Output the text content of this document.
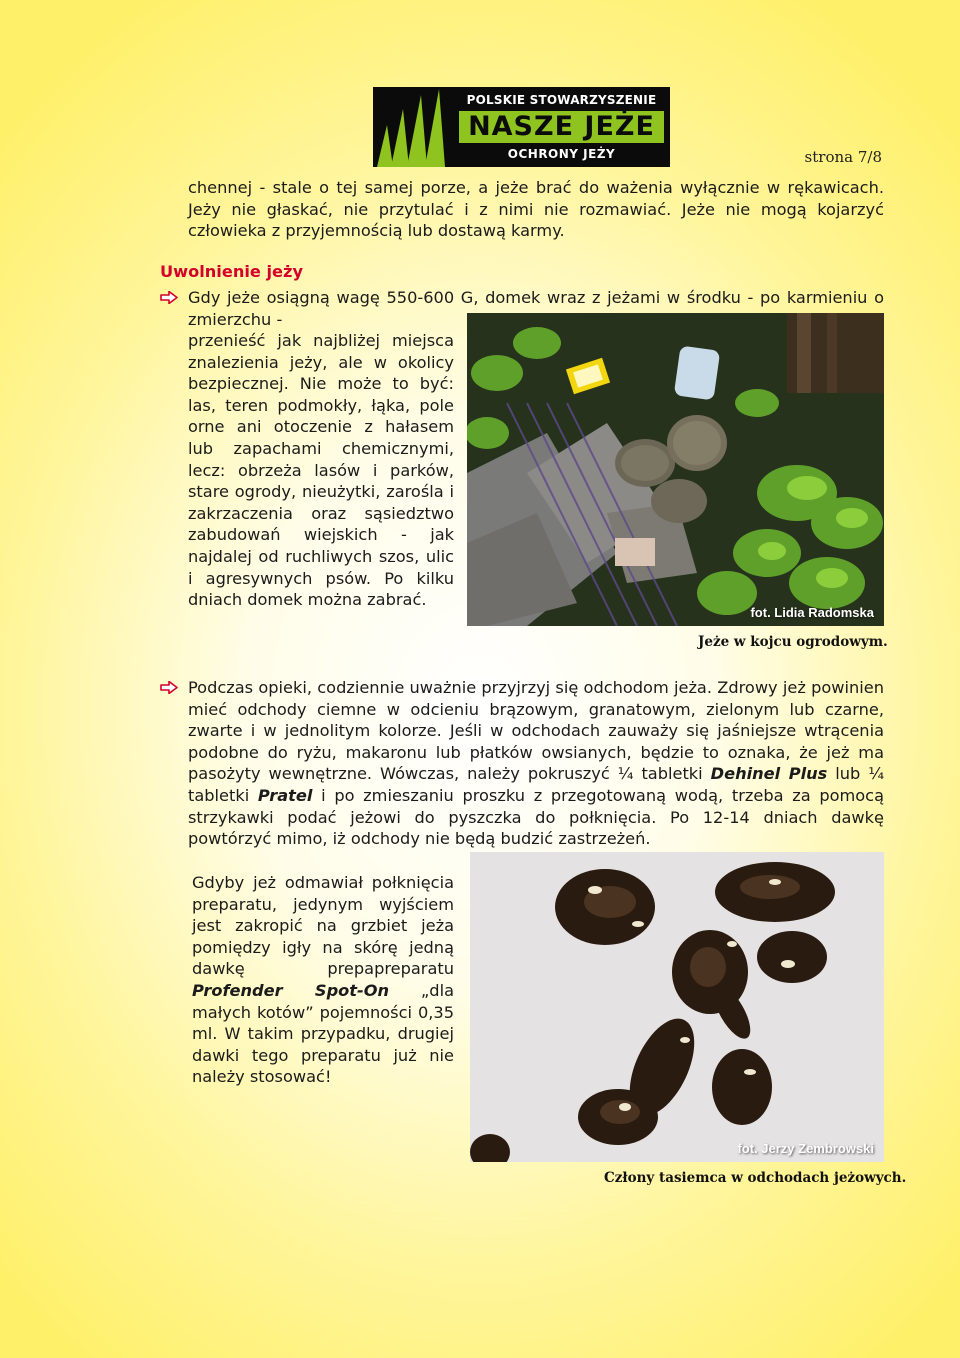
POLSKIE STOWARZYSZENIE
NASZE JEŻE
OCHRONY JEŻY	strona 7/8

chennej - stale o tej samej porze, a jeże brać do ważenia wyłącznie w rękawicach. Jeży nie głaskać, nie przytulać i z nimi nie rozmawiać. Jeże nie mogą kojarzyć człowieka z przyjemnością lub dostawą karmy.

Uwolnienie jeży

Gdy jeże osiągną wagę 550-600 G, domek wraz z jeżami w środku - po karmieniu o zmierzchu -

przenieść jak najbliżej miejsca znalezienia jeży, ale w okolicy bezpiecznej. Nie może to być: las, teren podmokły, łąka, pole orne ani otoczenie z hałasem lub zapachami chemicznymi, lecz: obrzeża lasów i parków, stare ogrody, nieużytki, zarośla i zakrzaczenia oraz sąsiedztwo zabudowań wiejskich - jak najdalej od ruchliwych szos, ulic i agresywnych psów. Po kilku dniach domek można zabrać.

fot. Lidia Radomska
Jeże w kojcu ogrodowym.

Podczas opieki, codziennie uważnie przyjrzyj się odchodom jeża. Zdrowy jeż powinien mieć odchody ciemne w odcieniu brązowym, granatowym, zielonym lub czarne, zwarte i w jednolitym kolorze. Jeśli w odchodach zauważy się jaśniejsze wtrącenia podobne do ryżu, makaronu lub płatków owsianych, będzie to oznaka, że jeż ma pasożyty wewnętrzne. Wówczas, należy pokruszyć ¼ tabletki Dehinel Plus lub ¼ tabletki Pratel i po zmieszaniu proszku z przegotowaną wodą, trzeba za pomocą strzykawki podać jeżowi do pyszczka do połknięcia. Po 12-14 dniach dawkę powtórzyć mimo, iż odchody nie będą budzić zastrzeżeń.

Gdyby jeż odmawiał połknięcia preparatu, jedynym wyjściem jest zakropić na grzbiet jeża pomiędzy igły na skórę jedną dawkę prepapreparatu Profender Spot-On „dla małych kotów” pojemności 0,35 ml. W takim przypadku, drugiej dawki tego preparatu już nie należy stosować!

fot. Jerzy Zembrowski
Człony tasiemca w odchodach jeżowych.
